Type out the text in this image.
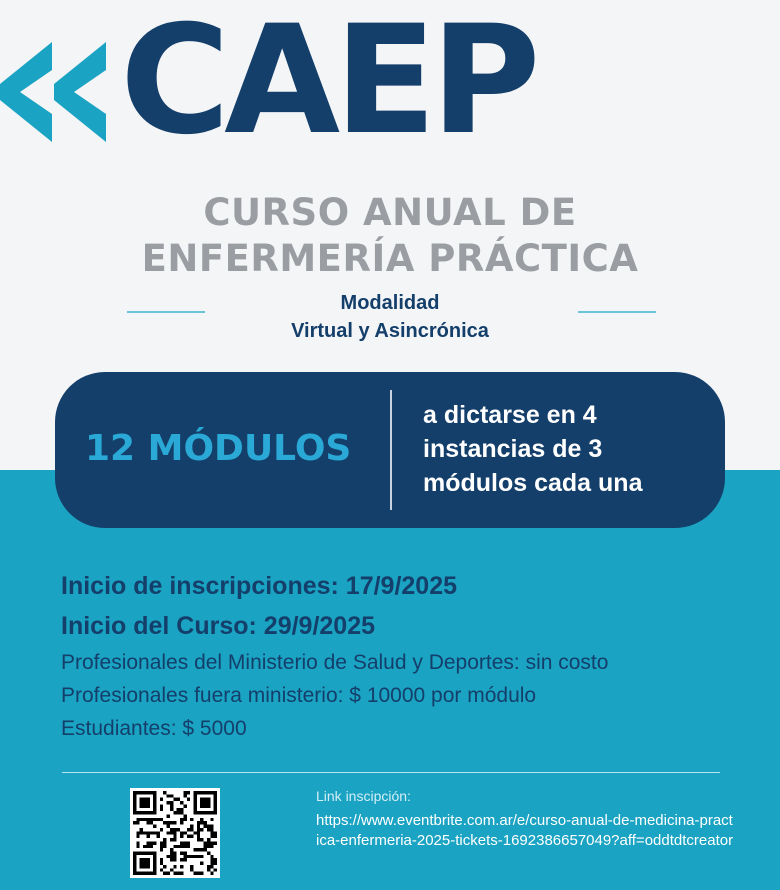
CAEP
CURSO ANUAL DE
ENFERMERÍA PRÁCTICA
Modalidad
Virtual y Asincrónica
12 MÓDULOS
a dictarse en 4 instancias de 3 módulos cada una
Inicio de inscripciones: 17/9/2025
Inicio del Curso: 29/9/2025
Profesionales del Ministerio de Salud y Deportes: sin costo
Profesionales fuera ministerio: $ 10000 por módulo
Estudiantes: $ 5000
Link inscipción:
https://www.eventbrite.com.ar/e/curso-anual-de-medicina-practica-enfermeria-2025-tickets-1692386657049?aff=oddtdtcreator
